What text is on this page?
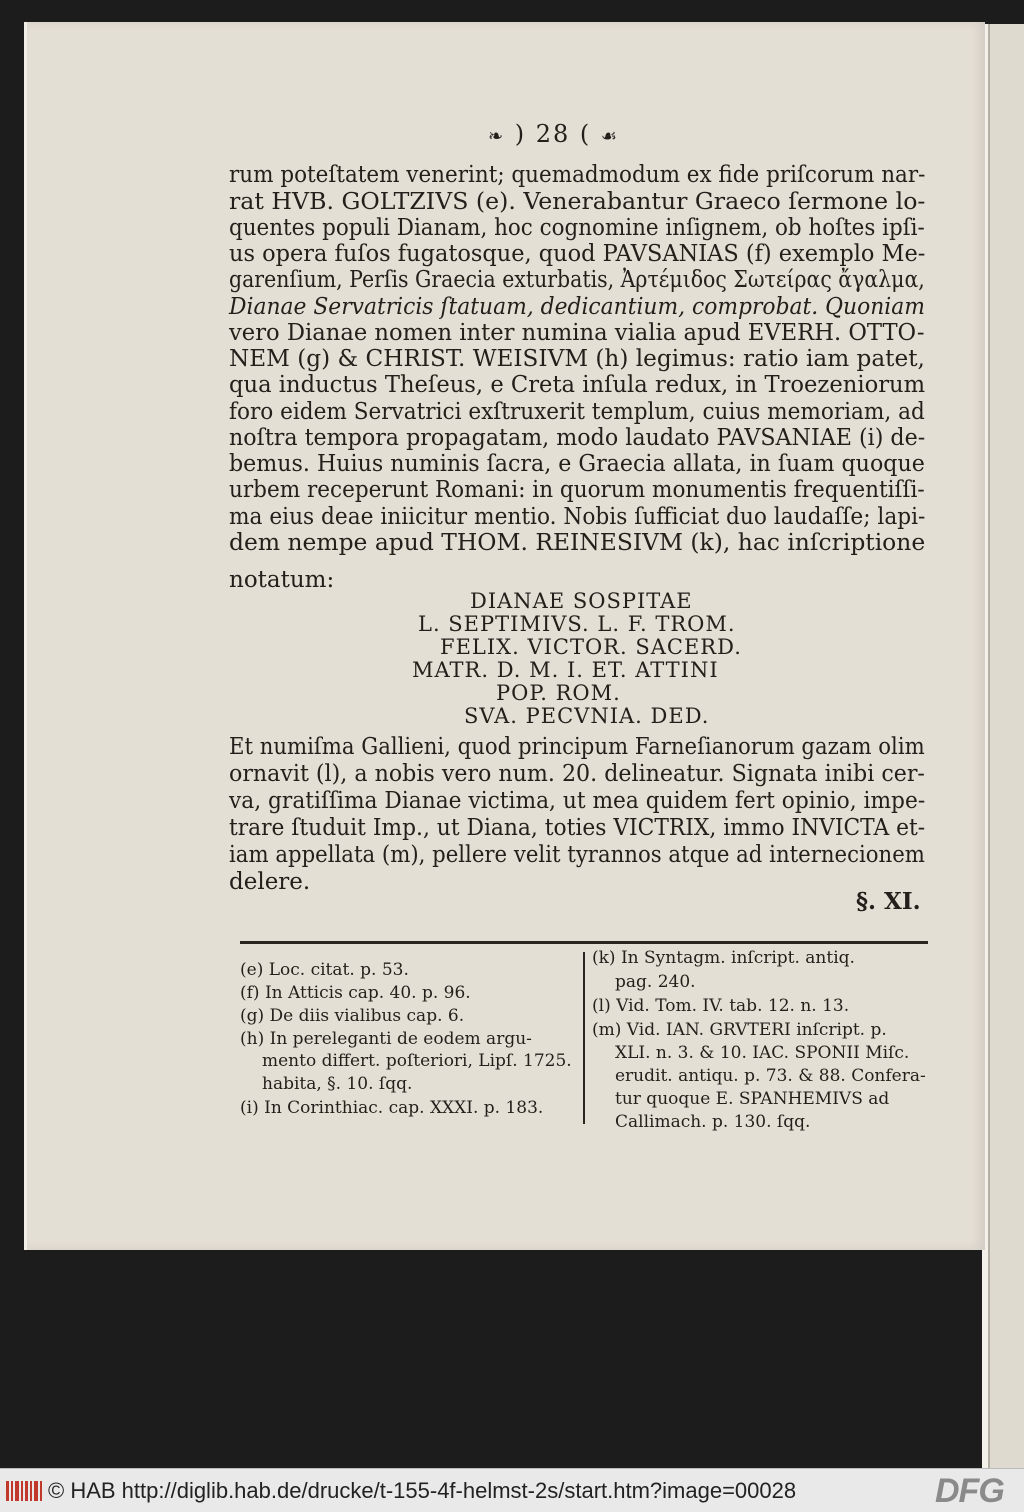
❧ ) 28 ( ☙

rum poteſtatem venerint; quemadmodum ex fide priſcorum nar-

rat HVB. GOLTZIVS (e). Venerabantur Graeco ſermone lo-

quentes populi Dianam, hoc cognomine inſignem, ob hoſtes ipſi-

us opera fuſos fugatosque, quod PAVSANIAS (f) exemplo Me-

garenſium, Perſis Graecia exturbatis, Ἀρτέμιδος Σωτείρας ἄγαλμα,

Dianae Servatricis ſtatuam, dedicantium, comprobat. Quoniam

vero Dianae nomen inter numina vialia apud EVERH. OTTO-

NEM (g) & CHRIST. WEISIVM (h) legimus: ratio iam patet,

qua inductus Theſeus, e Creta inſula redux, in Troezeniorum

foro eidem Servatrici exſtruxerit templum, cuius memoriam, ad

noſtra tempora propagatam, modo laudato PAVSANIAE (i) de-

bemus. Huius numinis ſacra, e Graecia allata, in ſuam quoque

urbem receperunt Romani: in quorum monumentis frequentiſſi-

ma eius deae iniicitur mentio. Nobis ſufficiat duo laudaſſe; lapi-

dem nempe apud THOM. REINESIVM (k), hac inſcriptione

notatum:

DIANAE SOSPITAE
L. SEPTIMIVS. L. F. TROM.
FELIX. VICTOR. SACERD.
MATR. D. M. I. ET. ATTINI
POP. ROM.
SVA. PECVNIA. DED.

Et numiſma Gallieni, quod principum Farneſianorum gazam olim

ornavit (l), a nobis vero num. 20. delineatur. Signata inibi cer-

va, gratiſſima Dianae victima, ut mea quidem fert opinio, impe-

trare ſtuduit Imp., ut Diana, toties VICTRIX, immo INVICTA et-

iam appellata (m), pellere velit tyrannos atque ad internecionem

delere.

§. XI.
(e) Loc. citat. p. 53.
(f) In Atticis cap. 40. p. 96.
(g) De diis vialibus cap. 6.
(h) In pereleganti de eodem argu-
mento differt. poſteriori, Lipſ. 1725.
habita, §. 10. ſqq.
(i) In Corinthiac. cap. XXXI. p. 183.
(k) In Syntagm. inſcript. antiq.
pag. 240.
(l) Vid. Tom. IV. tab. 12. n. 13.
(m) Vid. IAN. GRVTERI inſcript. p.
XLI. n. 3. & 10. IAC. SPONII Miſc.
erudit. antiqu. p. 73. & 88. Confera-
tur quoque E. SPANHEMIVS ad
Callimach. p. 130. ſqq.
© HAB http://diglib.hab.de/drucke/t-155-4f-helmst-2s/start.htm?image=00028	DFG
